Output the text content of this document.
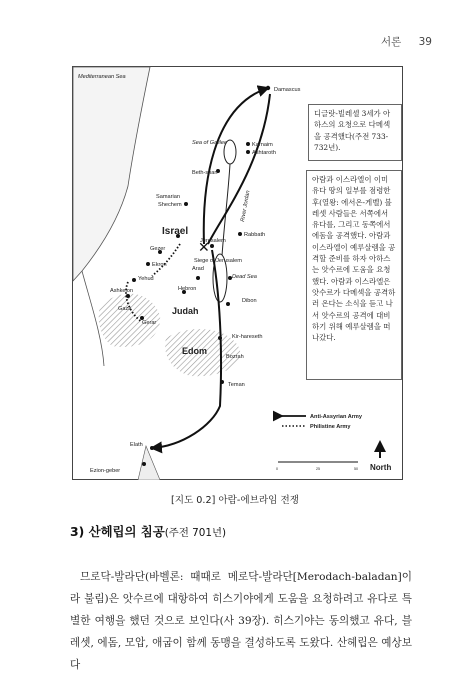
서론 39
✕
Mediterranean Sea
Damascus
Karnaim
Ashtaroth
Sea of Galilee
Beth-shan
Samarian
Shechem	River Jordan
Israel
Gezer
Jerusalem
Rabbath
Ekron
Yehud
Ashkelon
Siege of Jerusalem
Gaza
Hebron
Dead Sea
Dibon
Arad
Kir-hareseth
Judah
Gerar
Bozrah
Edom
Teman
Elath
Ezion-geber
Anti-Assyrian Army
Philistine Army
North
0	25	50
디글랏-빌레셀 3세가 아하스의 요청으로 다메섹을 공격했다(주전 733-732년).
아람과 이스라엘이 이미 유다 땅의 일부를 점령한 후(열왕: 에서온-게벨) 블레셋 사람들은 서쪽에서 유다를, 그리고 동쪽에서 에돔을 공격했다. 아람과 이스라엘이 예루살렘을 공격할 준비를 하자 아하스는 앗수르에 도움을 요청했다. 아람과 이스라엘은 앗수르가 다메섹을 공격하러 온다는 소식을 듣고 나서 앗수르의 공격에 대비하기 위해 예루살렘을 떠나갔다.
[지도 0.2] 아람-에브라임 전쟁
3) 산헤립의 침공(주전 701년)

므로닥-발라단(바벨론: 때때로 메로닥-발라단[Merodach-baladan]이라 불림)은 앗수르에 대항하여 히스기야에게 도움을 요청하려고 유다로 특별한 여행을 했던 것으로 보인다(사 39장). 히스기야는 동의했고 유다, 블레셋, 에돔, 모압, 애굽이 함께 동맹을 결성하도록 도왔다. 산헤립은 예상보다
